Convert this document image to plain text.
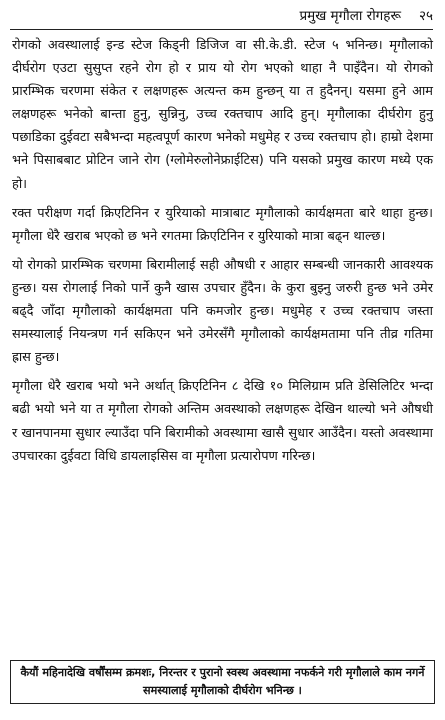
प्रमुख मृगौला रोगहरू २५

रोगको अवस्थालाई इन्ड स्टेज किड्नी डिजिज वा सी.के.डी. स्टेज ५ भनिन्छ। मृगौलाको दीर्घरोग एउटा सुसुप्त रहने रोग हो र प्राय यो रोग भएको थाहा नै पाइँदैन। यो रोगको प्रारम्भिक चरणमा संकेत र लक्षणहरू अत्यन्त कम हुन्छन् या त हुदैनन्। यसमा हुने आम लक्षणहरू भनेको बान्ता हुनु, सुन्निनु, उच्च रक्तचाप आदि हुन्। मृगौलाका दीर्घरोग हुनु पछाडिका दुईवटा सबैभन्दा महत्वपूर्ण कारण भनेको मधुमेह र उच्च रक्तचाप हो। हाम्रो देशमा भने पिसाबबाट प्रोटिन जाने रोग (ग्लोमेरुलोनेफ्राईटिस) पनि यसको प्रमुख कारण मध्ये एक हो।

रक्त परीक्षण गर्दा क्रिएटिनिन र युरियाको मात्राबाट मृगौलाको कार्यक्षमता बारे थाहा हुन्छ। मृगौला धेरै खराब भएको छ भने रगतमा क्रिएटिनिन र युरियाको मात्रा बढ्न थाल्छ।

यो रोगको प्रारम्भिक चरणमा बिरामीलाई सही औषधी र आहार सम्बन्धी जानकारी आवश्यक हुन्छ। यस रोगलाई निको पार्ने कुनै खास उपचार हुँदैन। के कुरा बुझ्नु जरुरी हुन्छ भने उमेर बढ्दै जाँदा मृगौलाको कार्यक्षमता पनि कमजोर हुन्छ। मधुमेह र उच्च रक्तचाप जस्ता समस्यालाई नियन्त्रण गर्न सकिएन भने उमेरसँगै मृगौलाको कार्यक्षमतामा पनि तीव्र गतिमा ह्रास हुन्छ।

मृगौला धेरै खराब भयो भने अर्थात् क्रिएटिनिन ८ देखि १० मिलिग्राम प्रति डेसिलिटिर भन्दा बढी भयो भने या त मृगौला रोगको अन्तिम अवस्थाको लक्षणहरू देखिन थाल्यो भने औषधी र खानपानमा सुधार ल्याउँदा पनि बिरामीको अवस्थामा खासै सुधार आउँदैन। यस्तो अवस्थामा उपचारका दुईवटा विधि डायलाइसिस वा मृगौला प्रत्यारोपण गरिन्छ।

कैयौं महिनादेखि वर्षौंसम्म क्रमशः, निरन्तर र पुरानो स्वस्थ अवस्थामा नफर्कने गरी मृगौलाले काम नगर्ने समस्यालाई मृगौलाको दीर्घरोग भनिन्छ ।
